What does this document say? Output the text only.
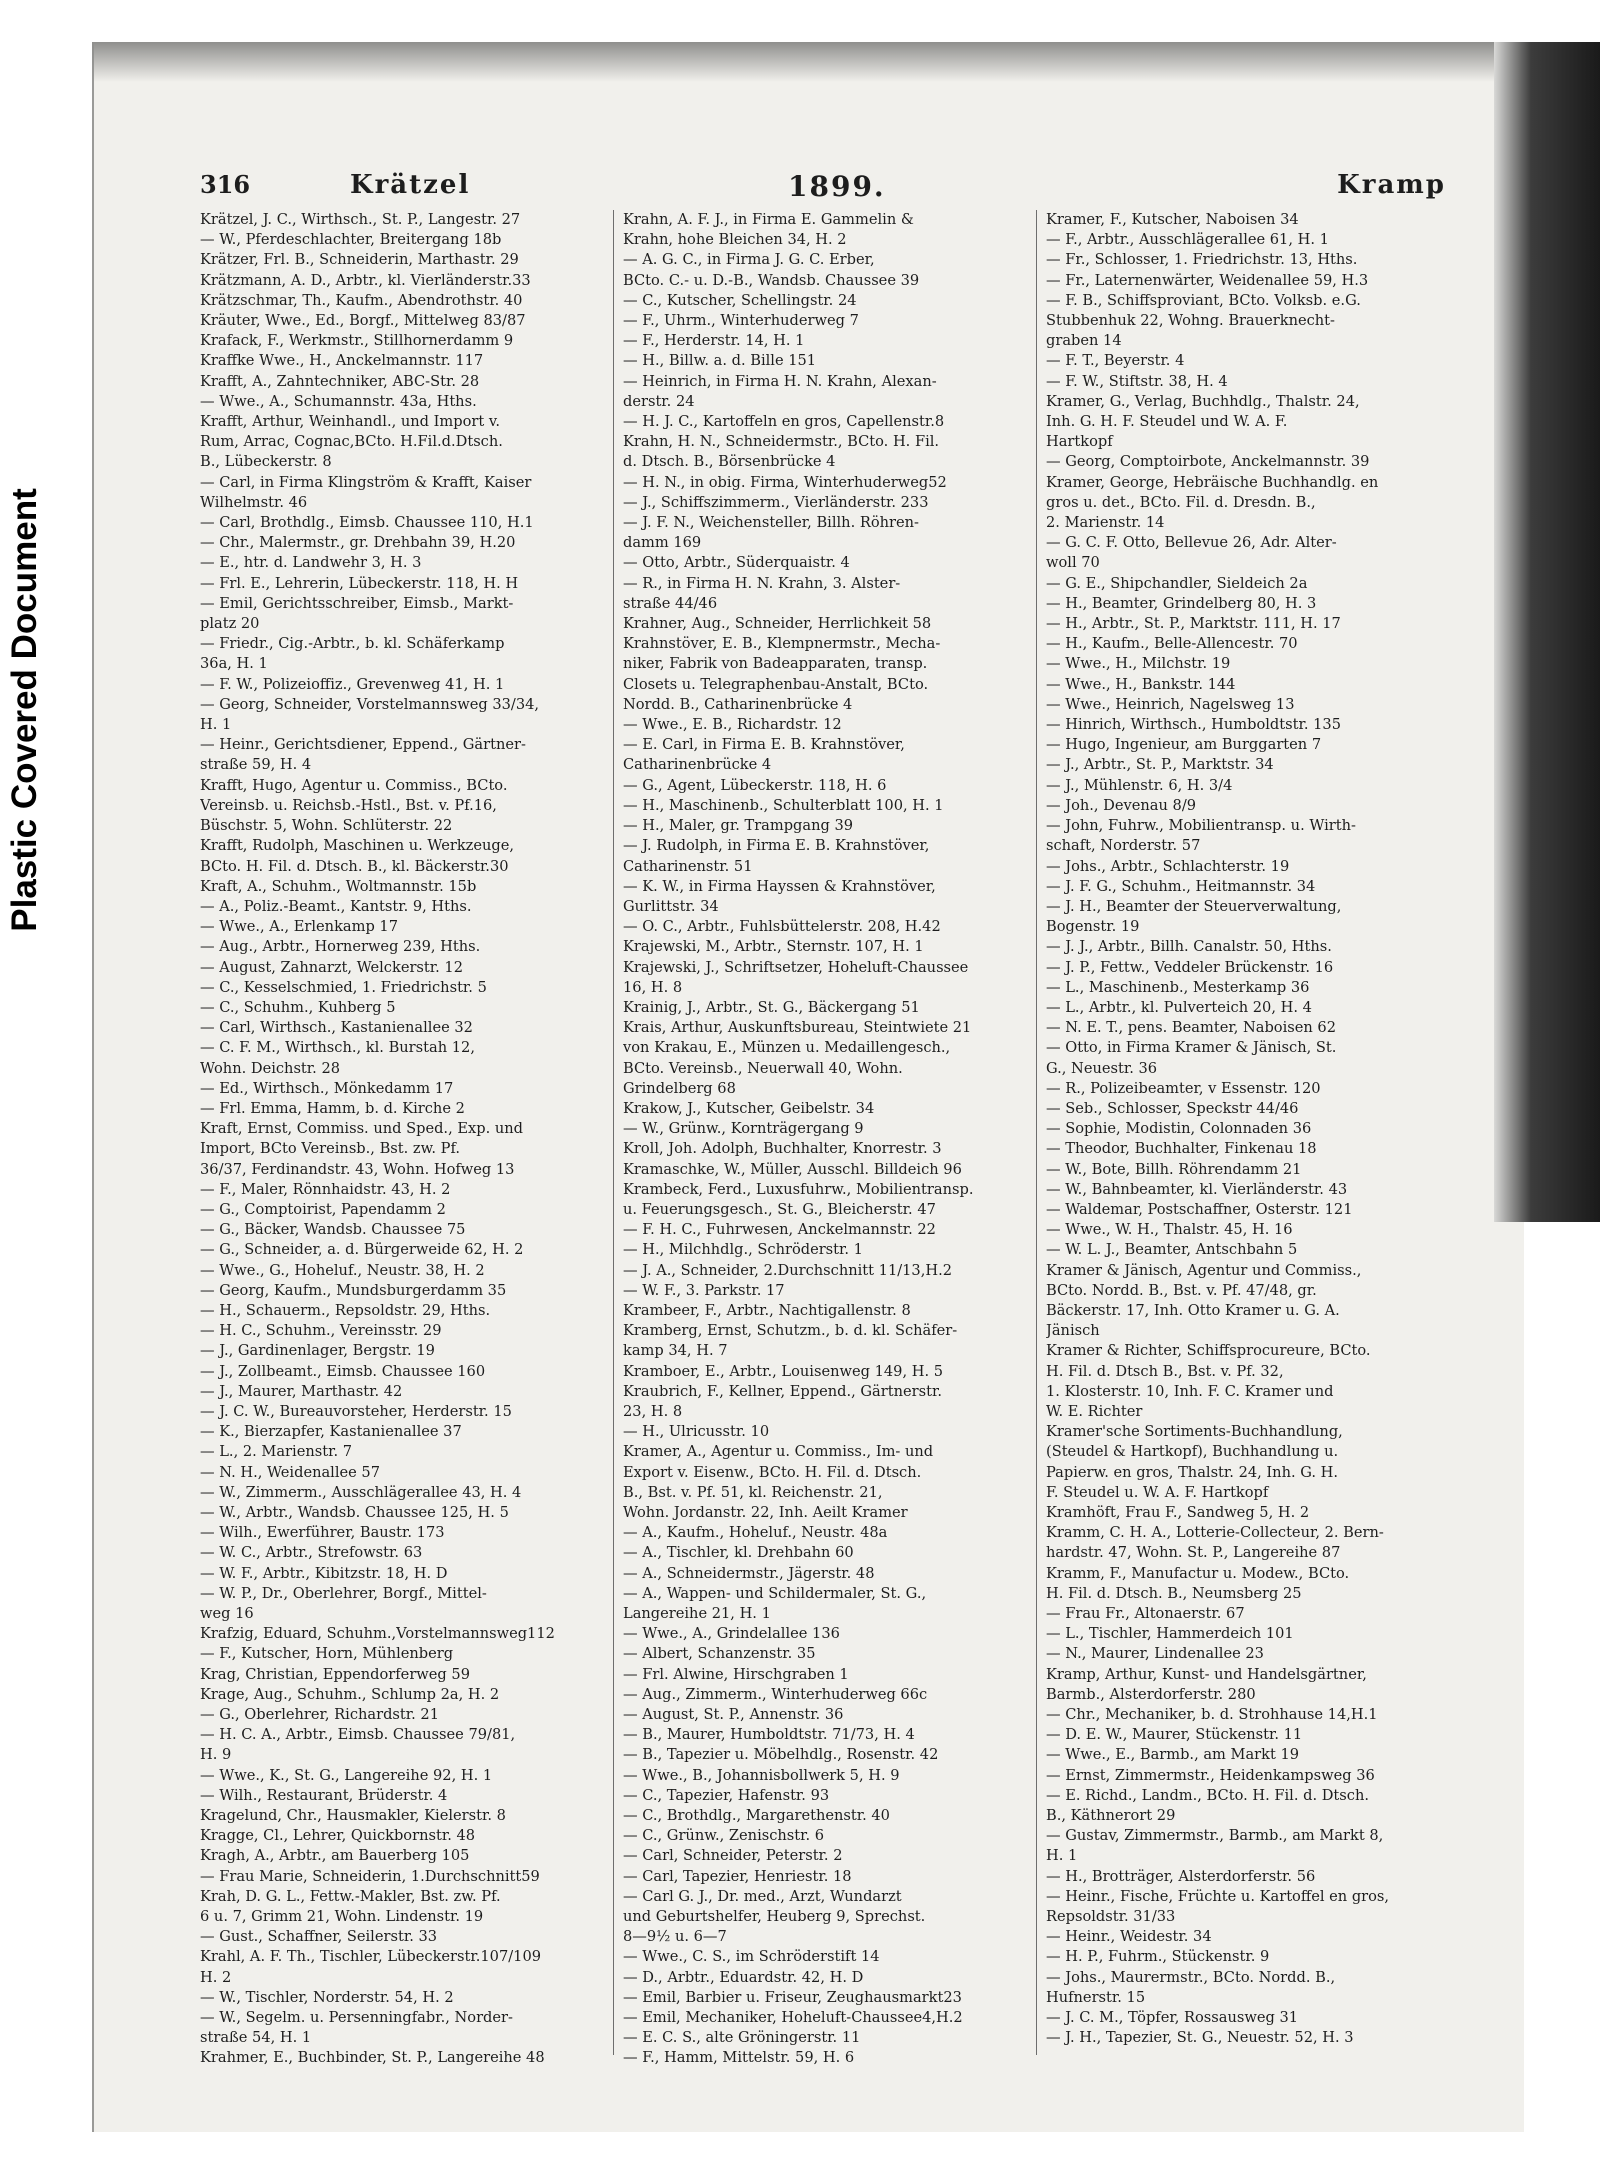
Plastic Covered Document
316	Krätzel	1899.	Kramp
Krätzel, J. C., Wirthsch., St. P., Langestr. 27
— W., Pferdeschlachter, Breitergang 18b
Krätzer, Frl. B., Schneiderin, Marthastr. 29
Krätzmann, A. D., Arbtr., kl. Vierländerstr.33
Krätzschmar, Th., Kaufm., Abendrothstr. 40
Kräuter, Wwe., Ed., Borgf., Mittelweg 83/87
Krafack, F., Werkmstr., Stillhornerdamm 9
Kraffke Wwe., H., Anckelmannstr. 117
Krafft, A., Zahntechniker, ABC-Str. 28
— Wwe., A., Schumannstr. 43a, Hths.
Krafft, Arthur, Weinhandl., und Import v.
Rum, Arrac, Cognac,BCto. H.Fil.d.Dtsch.
B., Lübeckerstr. 8
— Carl, in Firma Klingström & Krafft, Kaiser
Wilhelmstr. 46
— Carl, Brothdlg., Eimsb. Chaussee 110, H.1
— Chr., Malermstr., gr. Drehbahn 39, H.20
— E., htr. d. Landwehr 3, H. 3
— Frl. E., Lehrerin, Lübeckerstr. 118, H. H
— Emil, Gerichtsschreiber, Eimsb., Markt-
platz 20
— Friedr., Cig.-Arbtr., b. kl. Schäferkamp
36a, H. 1
— F. W., Polizeioffiz., Grevenweg 41, H. 1
— Georg, Schneider, Vorstelmannsweg 33/34,
H. 1
— Heinr., Gerichtsdiener, Eppend., Gärtner-
straße 59, H. 4
Krafft, Hugo, Agentur u. Commiss., BCto.
Vereinsb. u. Reichsb.-Hstl., Bst. v. Pf.16,
Büschstr. 5, Wohn. Schlüterstr. 22
Krafft, Rudolph, Maschinen u. Werkzeuge,
BCto. H. Fil. d. Dtsch. B., kl. Bäckerstr.30
Kraft, A., Schuhm., Woltmannstr. 15b
— A., Poliz.-Beamt., Kantstr. 9, Hths.
— Wwe., A., Erlenkamp 17
— Aug., Arbtr., Hornerweg 239, Hths.
— August, Zahnarzt, Welckerstr. 12
— C., Kesselschmied, 1. Friedrichstr. 5
— C., Schuhm., Kuhberg 5
— Carl, Wirthsch., Kastanienallee 32
— C. F. M., Wirthsch., kl. Burstah 12,
Wohn. Deichstr. 28
— Ed., Wirthsch., Mönkedamm 17
— Frl. Emma, Hamm, b. d. Kirche 2
Kraft, Ernst, Commiss. und Sped., Exp. und
Import, BCto Vereinsb., Bst. zw. Pf.
36/37, Ferdinandstr. 43, Wohn. Hofweg 13
— F., Maler, Rönnhaidstr. 43, H. 2
— G., Comptoirist, Papendamm 2
— G., Bäcker, Wandsb. Chaussee 75
— G., Schneider, a. d. Bürgerweide 62, H. 2
— Wwe., G., Hoheluf., Neustr. 38, H. 2
— Georg, Kaufm., Mundsburgerdamm 35
— H., Schauerm., Repsoldstr. 29, Hths.
— H. C., Schuhm., Vereinsstr. 29
— J., Gardinenlager, Bergstr. 19
— J., Zollbeamt., Eimsb. Chaussee 160
— J., Maurer, Marthastr. 42
— J. C. W., Bureauvorsteher, Herderstr. 15
— K., Bierzapfer, Kastanienallee 37
— L., 2. Marienstr. 7
— N. H., Weidenallee 57
— W., Zimmerm., Ausschlägerallee 43, H. 4
— W., Arbtr., Wandsb. Chaussee 125, H. 5
— Wilh., Ewerführer, Baustr. 173
— W. C., Arbtr., Strefowstr. 63
— W. F., Arbtr., Kibitzstr. 18, H. D
— W. P., Dr., Oberlehrer, Borgf., Mittel-
weg 16
Krafzig, Eduard, Schuhm.,Vorstelmannsweg112
— F., Kutscher, Horn, Mühlenberg
Krag, Christian, Eppendorferweg 59
Krage, Aug., Schuhm., Schlump 2a, H. 2
— G., Oberlehrer, Richardstr. 21
— H. C. A., Arbtr., Eimsb. Chaussee 79/81,
H. 9
— Wwe., K., St. G., Langereihe 92, H. 1
— Wilh., Restaurant, Brüderstr. 4
Kragelund, Chr., Hausmakler, Kielerstr. 8
Kragge, Cl., Lehrer, Quickbornstr. 48
Kragh, A., Arbtr., am Bauerberg 105
— Frau Marie, Schneiderin, 1.Durchschnitt59
Krah, D. G. L., Fettw.-Makler, Bst. zw. Pf.
6 u. 7, Grimm 21, Wohn. Lindenstr. 19
— Gust., Schaffner, Seilerstr. 33
Krahl, A. F. Th., Tischler, Lübeckerstr.107/109
H. 2
— W., Tischler, Norderstr. 54, H. 2
— W., Segelm. u. Persenningfabr., Norder-
straße 54, H. 1
Krahmer, E., Buchbinder, St. P., Langereihe 48
Krahn, A. F. J., in Firma E. Gammelin &
Krahn, hohe Bleichen 34, H. 2
— A. G. C., in Firma J. G. C. Erber,
BCto. C.- u. D.-B., Wandsb. Chaussee 39
— C., Kutscher, Schellingstr. 24
— F., Uhrm., Winterhuderweg 7
— F., Herderstr. 14, H. 1
— H., Billw. a. d. Bille 151
— Heinrich, in Firma H. N. Krahn, Alexan-
derstr. 24
— H. J. C., Kartoffeln en gros, Capellenstr.8
Krahn, H. N., Schneidermstr., BCto. H. Fil.
d. Dtsch. B., Börsenbrücke 4
— H. N., in obig. Firma, Winterhuderweg52
— J., Schiffszimmerm., Vierländerstr. 233
— J. F. N., Weichensteller, Billh. Röhren-
damm 169
— Otto, Arbtr., Süderquaistr. 4
— R., in Firma H. N. Krahn, 3. Alster-
straße 44/46
Krahner, Aug., Schneider, Herrlichkeit 58
Krahnstöver, E. B., Klempnermstr., Mecha-
niker, Fabrik von Badeapparaten, transp.
Closets u. Telegraphenbau-Anstalt, BCto.
Nordd. B., Catharinenbrücke 4
— Wwe., E. B., Richardstr. 12
— E. Carl, in Firma E. B. Krahnstöver,
Catharinenbrücke 4
— G., Agent, Lübeckerstr. 118, H. 6
— H., Maschinenb., Schulterblatt 100, H. 1
— H., Maler, gr. Trampgang 39
— J. Rudolph, in Firma E. B. Krahnstöver,
Catharinenstr. 51
— K. W., in Firma Hayssen & Krahnstöver,
Gurlittstr. 34
— O. C., Arbtr., Fuhlsbüttelerstr. 208, H.42
Krajewski, M., Arbtr., Sternstr. 107, H. 1
Krajewski, J., Schriftsetzer, Hoheluft-Chaussee
16, H. 8
Krainig, J., Arbtr., St. G., Bäckergang 51
Krais, Arthur, Auskunftsbureau, Steintwiete 21
von Krakau, E., Münzen u. Medaillengesch.,
BCto. Vereinsb., Neuerwall 40, Wohn.
Grindelberg 68
Krakow, J., Kutscher, Geibelstr. 34
— W., Grünw., Kornträgergang 9
Kroll, Joh. Adolph, Buchhalter, Knorrestr. 3
Kramaschke, W., Müller, Ausschl. Billdeich 96
Krambeck, Ferd., Luxusfuhrw., Mobilientransp.
u. Feuerungsgesch., St. G., Bleicherstr. 47
— F. H. C., Fuhrwesen, Anckelmannstr. 22
— H., Milchhdlg., Schröderstr. 1
— J. A., Schneider, 2.Durchschnitt 11/13,H.2
— W. F., 3. Parkstr. 17
Krambeer, F., Arbtr., Nachtigallenstr. 8
Kramberg, Ernst, Schutzm., b. d. kl. Schäfer-
kamp 34, H. 7
Kramboer, E., Arbtr., Louisenweg 149, H. 5
Kraubrich, F., Kellner, Eppend., Gärtnerstr.
23, H. 8
— H., Ulricusstr. 10
Kramer, A., Agentur u. Commiss., Im- und
Export v. Eisenw., BCto. H. Fil. d. Dtsch.
B., Bst. v. Pf. 51, kl. Reichenstr. 21,
Wohn. Jordanstr. 22, Inh. Aeilt Kramer
— A., Kaufm., Hoheluf., Neustr. 48a
— A., Tischler, kl. Drehbahn 60
— A., Schneidermstr., Jägerstr. 48
— A., Wappen- und Schildermaler, St. G.,
Langereihe 21, H. 1
— Wwe., A., Grindelallee 136
— Albert, Schanzenstr. 35
— Frl. Alwine, Hirschgraben 1
— Aug., Zimmerm., Winterhuderweg 66c
— August, St. P., Annenstr. 36
— B., Maurer, Humboldtstr. 71/73, H. 4
— B., Tapezier u. Möbelhdlg., Rosenstr. 42
— Wwe., B., Johannisbollwerk 5, H. 9
— C., Tapezier, Hafenstr. 93
— C., Brothdlg., Margarethenstr. 40
— C., Grünw., Zenischstr. 6
— Carl, Schneider, Peterstr. 2
— Carl, Tapezier, Henriestr. 18
— Carl G. J., Dr. med., Arzt, Wundarzt
und Geburtshelfer, Heuberg 9, Sprechst.
8—9½ u. 6—7
— Wwe., C. S., im Schröderstift 14
— D., Arbtr., Eduardstr. 42, H. D
— Emil, Barbier u. Friseur, Zeughausmarkt23
— Emil, Mechaniker, Hoheluft-Chaussee4,H.2
— E. C. S., alte Gröningerstr. 11
— F., Hamm, Mittelstr. 59, H. 6
Kramer, F., Kutscher, Naboisen 34
— F., Arbtr., Ausschlägerallee 61, H. 1
— Fr., Schlosser, 1. Friedrichstr. 13, Hths.
— Fr., Laternenwärter, Weidenallee 59, H.3
— F. B., Schiffsproviant, BCto. Volksb. e.G.
Stubbenhuk 22, Wohng. Brauerknecht-
graben 14
— F. T., Beyerstr. 4
— F. W., Stiftstr. 38, H. 4
Kramer, G., Verlag, Buchhdlg., Thalstr. 24,
Inh. G. H. F. Steudel und W. A. F.
Hartkopf
— Georg, Comptoirbote, Anckelmannstr. 39
Kramer, George, Hebräische Buchhandlg. en
gros u. det., BCto. Fil. d. Dresdn. B.,
2. Marienstr. 14
— G. C. F. Otto, Bellevue 26, Adr. Alter-
woll 70
— G. E., Shipchandler, Sieldeich 2a
— H., Beamter, Grindelberg 80, H. 3
— H., Arbtr., St. P., Marktstr. 111, H. 17
— H., Kaufm., Belle-Allencestr. 70
— Wwe., H., Milchstr. 19
— Wwe., H., Bankstr. 144
— Wwe., Heinrich, Nagelsweg 13
— Hinrich, Wirthsch., Humboldtstr. 135
— Hugo, Ingenieur, am Burggarten 7
— J., Arbtr., St. P., Marktstr. 34
— J., Mühlenstr. 6, H. 3/4
— Joh., Devenau 8/9
— John, Fuhrw., Mobilientransp. u. Wirth-
schaft, Norderstr. 57
— Johs., Arbtr., Schlachterstr. 19
— J. F. G., Schuhm., Heitmannstr. 34
— J. H., Beamter der Steuerverwaltung,
Bogenstr. 19
— J. J., Arbtr., Billh. Canalstr. 50, Hths.
— J. P., Fettw., Veddeler Brückenstr. 16
— L., Maschinenb., Mesterkamp 36
— L., Arbtr., kl. Pulverteich 20, H. 4
— N. E. T., pens. Beamter, Naboisen 62
— Otto, in Firma Kramer & Jänisch, St.
G., Neuestr. 36
— R., Polizeibeamter, v Essenstr. 120
— Seb., Schlosser, Speckstr 44/46
— Sophie, Modistin, Colonnaden 36
— Theodor, Buchhalter, Finkenau 18
— W., Bote, Billh. Röhrendamm 21
— W., Bahnbeamter, kl. Vierländerstr. 43
— Waldemar, Postschaffner, Osterstr. 121
— Wwe., W. H., Thalstr. 45, H. 16
— W. L. J., Beamter, Antschbahn 5
Kramer & Jänisch, Agentur und Commiss.,
BCto. Nordd. B., Bst. v. Pf. 47/48, gr.
Bäckerstr. 17, Inh. Otto Kramer u. G. A.
Jänisch
Kramer & Richter, Schiffsprocureure, BCto.
H. Fil. d. Dtsch B., Bst. v. Pf. 32,
1. Klosterstr. 10, Inh. F. C. Kramer und
W. E. Richter
Kramer'sche Sortiments-Buchhandlung,
(Steudel & Hartkopf), Buchhandlung u.
Papierw. en gros, Thalstr. 24, Inh. G. H.
F. Steudel u. W. A. F. Hartkopf
Kramhöft, Frau F., Sandweg 5, H. 2
Kramm, C. H. A., Lotterie-Collecteur, 2. Bern-
hardstr. 47, Wohn. St. P., Langereihe 87
Kramm, F., Manufactur u. Modew., BCto.
H. Fil. d. Dtsch. B., Neumsberg 25
— Frau Fr., Altonaerstr. 67
— L., Tischler, Hammerdeich 101
— N., Maurer, Lindenallee 23
Kramp, Arthur, Kunst- und Handelsgärtner,
Barmb., Alsterdorferstr. 280
— Chr., Mechaniker, b. d. Strohhause 14,H.1
— D. E. W., Maurer, Stückenstr. 11
— Wwe., E., Barmb., am Markt 19
— Ernst, Zimmermstr., Heidenkampsweg 36
— E. Richd., Landm., BCto. H. Fil. d. Dtsch.
B., Käthnerort 29
— Gustav, Zimmermstr., Barmb., am Markt 8,
H. 1
— H., Brotträger, Alsterdorferstr. 56
— Heinr., Fische, Früchte u. Kartoffel en gros,
Repsoldstr. 31/33
— Heinr., Weidestr. 34
— H. P., Fuhrm., Stückenstr. 9
— Johs., Maurermstr., BCto. Nordd. B.,
Hufnerstr. 15
— J. C. M., Töpfer, Rossausweg 31
— J. H., Tapezier, St. G., Neuestr. 52, H. 3
